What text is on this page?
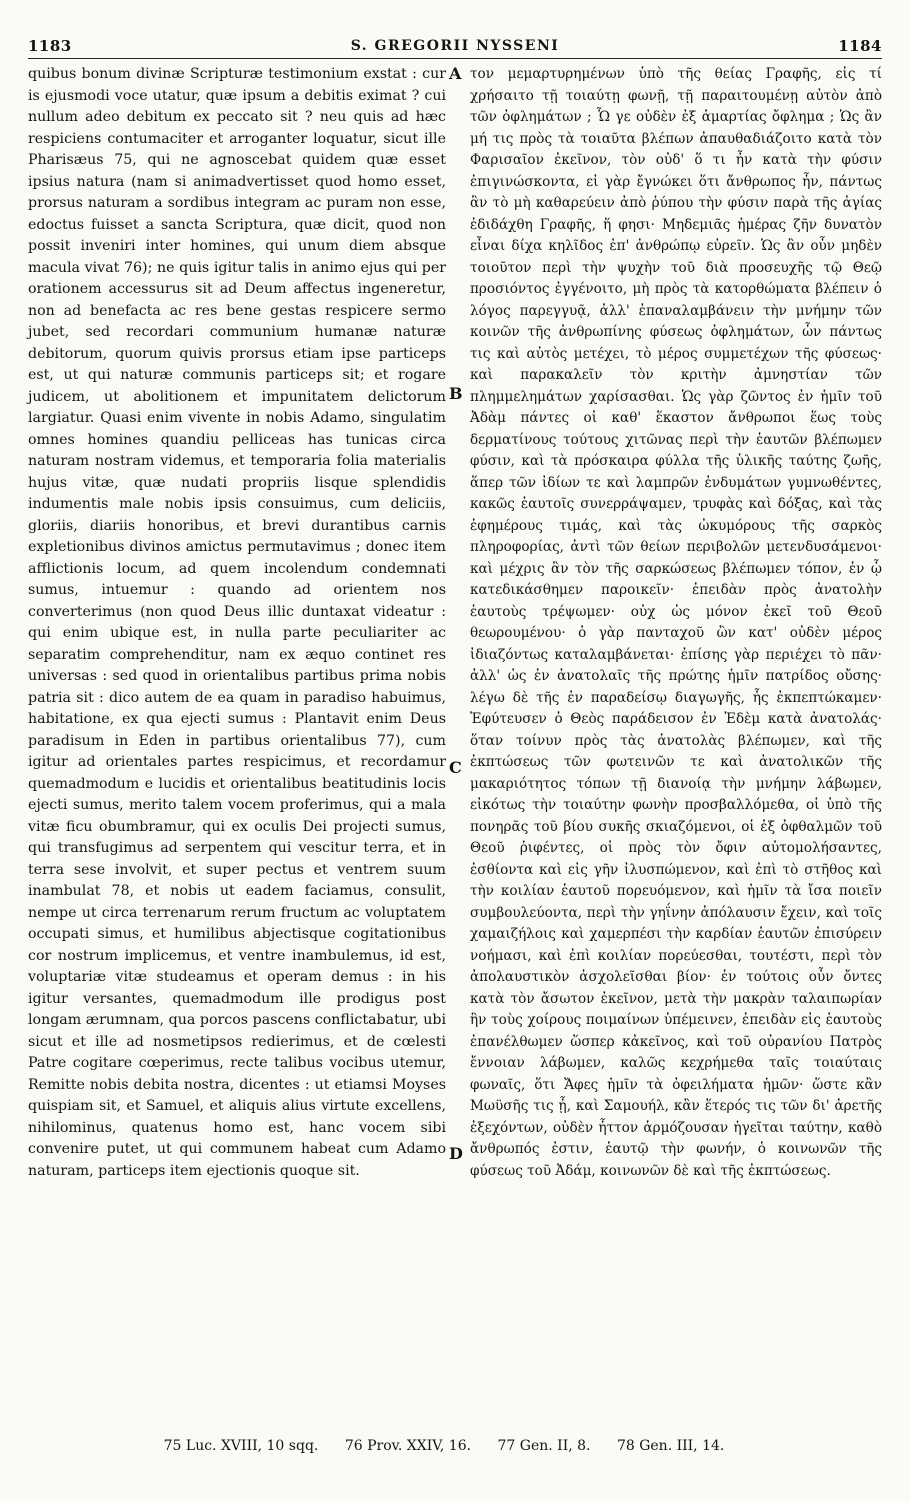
1183	S. GREGORII NYSSENI	1184

quibus bonum divinæ Scripturæ testimonium exstat : cur is ejusmodi voce utatur, quæ ipsum a debitis eximat ? cui nullum adeo debitum ex peccato sit ? neu quis ad hæc respiciens contumaciter et arroganter loquatur, sicut ille Pharisæus 75, qui ne agnoscebat quidem quæ esset ipsius natura (nam si animadvertisset quod homo esset, prorsus naturam a sordibus integram ac puram non esse, edoctus fuisset a sancta Scriptura, quæ dicit, quod non possit inveniri inter homines, qui unum diem absque macula vivat 76); ne quis igitur talis in animo ejus qui per orationem accessurus sit ad Deum affectus ingeneretur, non ad benefacta ac res bene gestas respicere sermo jubet, sed recordari communium humanæ naturæ debitorum, quorum quivis prorsus etiam ipse particeps est, ut qui naturæ communis particeps sit; et rogare judicem, ut abolitionem et impunitatem delictorum largiatur. Quasi enim vivente in nobis Adamo, singulatim omnes homines quandiu pelliceas has tunicas circa naturam nostram videmus, et temporaria folia materialis hujus vitæ, quæ nudati propriis lisque splendidis indumentis male nobis ipsis consuimus, cum deliciis, gloriis, diariis honoribus, et brevi durantibus carnis expletionibus divinos amictus permutavimus ; donec item afflictionis locum, ad quem incolendum condemnati sumus, intuemur : quando ad orientem nos converterimus (non quod Deus illic duntaxat videatur : qui enim ubique est, in nulla parte peculiariter ac separatim comprehenditur, nam ex æquo continet res universas : sed quod in orientalibus partibus prima nobis patria sit : dico autem de ea quam in paradiso habuimus, habitatione, ex qua ejecti sumus : Plantavit enim Deus paradisum in Eden in partibus orientalibus 77), cum igitur ad orientales partes respicimus, et recordamur quemadmodum e lucidis et orientalibus beatitudinis locis ejecti sumus, merito talem vocem proferimus, qui a mala vitæ ficu obumbramur, qui ex oculis Dei projecti sumus, qui transfugimus ad serpentem qui vescitur terra, et in terra sese involvit, et super pectus et ventrem suum inambulat 78, et nobis ut eadem faciamus, consulit, nempe ut circa terrenarum rerum fructum ac voluptatem occupati simus, et humilibus abjectisque cogitationibus cor nostrum implicemus, et ventre inambulemus, id est, voluptariæ vitæ studeamus et operam demus : in his igitur versantes, quemadmodum ille prodigus post longam ærumnam, qua porcos pascens conflictabatur, ubi sicut et ille ad nosmetipsos redierimus, et de cœlesti Patre cogitare cœperimus, recte talibus vocibus utemur, Remitte nobis debita nostra, dicentes : ut etiamsi Moyses quispiam sit, et Samuel, et aliquis alius virtute excellens, nihilominus, quatenus homo est, hanc vocem sibi convenire putet, ut qui communem habeat cum Adamo naturam, particeps item ejectionis quoque sit.

A
B
C
D

τον μεμαρτυρημένων ὑπὸ τῆς θείας Γραφῆς, εἰς τί χρήσαιτο τῇ τοιαύτῃ φωνῇ, τῇ παραιτουμένῃ αὐτὸν ἀπὸ τῶν ὀφλημάτων ; Ὧ γε οὐδὲν ἐξ ἁμαρτίας ὄφλημα ; Ὡς ἂν μή τις πρὸς τὰ τοιαῦτα βλέπων ἀπαυθαδιάζοιτο κατὰ τὸν Φαρισαῖον ἐκεῖνον, τὸν οὐδ' ὅ τι ἦν κατὰ τὴν φύσιν ἐπιγινώσκοντα, εἰ γὰρ ἔγνώκει ὅτι ἄνθρωπος ἦν, πάντως ἂν τὸ μὴ καθαρεύειν ἀπὸ ῥύπου τὴν φύσιν παρὰ τῆς ἁγίας ἐδιδάχθη Γραφῆς, ἥ φησι· Μηδεμιᾶς ἡμέρας ζῆν δυνατὸν εἶναι δίχα κηλῖδος ἐπ' ἀνθρώπῳ εὑρεῖν. Ὡς ἂν οὖν μηδὲν τοιοῦτον περὶ τὴν ψυχὴν τοῦ διὰ προσευχῆς τῷ Θεῷ προσιόντος ἐγγένοιτο, μὴ πρὸς τὰ κατορθώματα βλέπειν ὁ λόγος παρεγγυᾷ, ἀλλ' ἐπαναλαμβάνειν τὴν μνήμην τῶν κοινῶν τῆς ἀνθρωπίνης φύσεως ὀφλημάτων, ὧν πάντως τις καὶ αὐτὸς μετέχει, τὸ μέρος συμμετέχων τῆς φύσεως· καὶ παρακαλεῖν τὸν κριτὴν ἀμνηστίαν τῶν πλημμελημάτων χαρίσασθαι. Ὡς γὰρ ζῶντος ἐν ἡμῖν τοῦ Ἀδὰμ πάντες οἱ καθ' ἕκαστον ἄνθρωποι ἕως τοὺς δερματίνους τούτους χιτῶνας περὶ τὴν ἑαυτῶν βλέπωμεν φύσιν, καὶ τὰ πρόσκαιρα φύλλα τῆς ὑλικῆς ταύτης ζωῆς, ἅπερ τῶν ἰδίων τε καὶ λαμπρῶν ἐνδυμάτων γυμνωθέντες, κακῶς ἑαυτοῖς συνερράψαμεν, τρυφὰς καὶ δόξας, καὶ τὰς ἐφημέρους τιμάς, καὶ τὰς ὠκυμόρους τῆς σαρκὸς πληροφορίας, ἀντὶ τῶν θείων περιβολῶν μετενδυσάμενοι· καὶ μέχρις ἂν τὸν τῆς σαρκώσεως βλέπωμεν τόπον, ἐν ᾧ κατεδικάσθημεν παροικεῖν· ἐπειδὰν πρὸς ἀνατολὴν ἑαυτοὺς τρέψωμεν· οὐχ ὡς μόνον ἐκεῖ τοῦ Θεοῦ θεωρουμένου· ὁ γὰρ πανταχοῦ ὢν κατ' οὐδὲν μέρος ἰδιαζόντως καταλαμβάνεται· ἐπίσης γὰρ περιέχει τὸ πᾶν· ἀλλ' ὡς ἐν ἀνατολαῖς τῆς πρώτης ἡμῖν πατρίδος οὔσης· λέγω δὲ τῆς ἐν παραδείσῳ διαγωγῆς, ἧς ἐκπεπτώκαμεν· Ἐφύτευσεν ὁ Θεὸς παράδεισον ἐν Ἐδὲμ κατὰ ἀνατολάς· ὅταν τοίνυν πρὸς τὰς ἀνατολὰς βλέπωμεν, καὶ τῆς ἐκπτώσεως τῶν φωτεινῶν τε καὶ ἀνατολικῶν τῆς μακαριότητος τόπων τῇ διανοίᾳ τὴν μνήμην λάβωμεν, εἰκότως τὴν τοιαύτην φωνὴν προσβαλλόμεθα, οἱ ὑπὸ τῆς πονηρᾶς τοῦ βίου συκῆς σκιαζόμενοι, οἱ ἐξ ὀφθαλμῶν τοῦ Θεοῦ ῥιφέντες, οἱ πρὸς τὸν ὄφιν αὐτομολήσαντες, ἐσθίοντα καὶ εἰς γῆν ἰλυσπώμενον, καὶ ἐπὶ τὸ στῆθος καὶ τὴν κοιλίαν ἑαυτοῦ πορευόμενον, καὶ ἡμῖν τὰ ἴσα ποιεῖν συμβουλεύοντα, περὶ τὴν γηΐνην ἀπόλαυσιν ἔχειν, καὶ τοῖς χαμαιζήλοις καὶ χαμερπέσι τὴν καρδίαν ἑαυτῶν ἐπισύρειν νοήμασι, καὶ ἐπὶ κοιλίαν πορεύεσθαι, τουτέστι, περὶ τὸν ἀπολαυστικὸν ἀσχολεῖσθαι βίον· ἐν τούτοις οὖν ὄντες κατὰ τὸν ἄσωτον ἐκεῖνον, μετὰ τὴν μακρὰν ταλαιπωρίαν ἣν τοὺς χοίρους ποιμαίνων ὑπέμεινεν, ἐπειδὰν εἰς ἑαυτοὺς ἐπανέλθωμεν ὥσπερ κἀκεῖνος, καὶ τοῦ οὐρανίου Πατρὸς ἔννοιαν λάβωμεν, καλῶς κεχρήμεθα ταῖς τοιαύταις φωναῖς, ὅτι Ἄφες ἡμῖν τὰ ὀφειλήματα ἡμῶν· ὥστε κἂν Μωϋσῆς τις ᾖ, καὶ Σαμουήλ, κἂν ἕτερός τις τῶν δι' ἀρετῆς ἐξεχόντων, οὐδὲν ἧττον ἁρμόζουσαν ἡγεῖται ταύτην, καθὸ ἄνθρωπός ἐστιν, ἑαυτῷ τὴν φωνήν, ὁ κοινωνῶν τῆς φύσεως τοῦ Ἀδάμ, κοινωνῶν δὲ καὶ τῆς ἐκπτώσεως.

75 Luc. XVIII, 10 sqq. 76 Prov. XXIV, 16. 77 Gen. II, 8. 78 Gen. III, 14.
